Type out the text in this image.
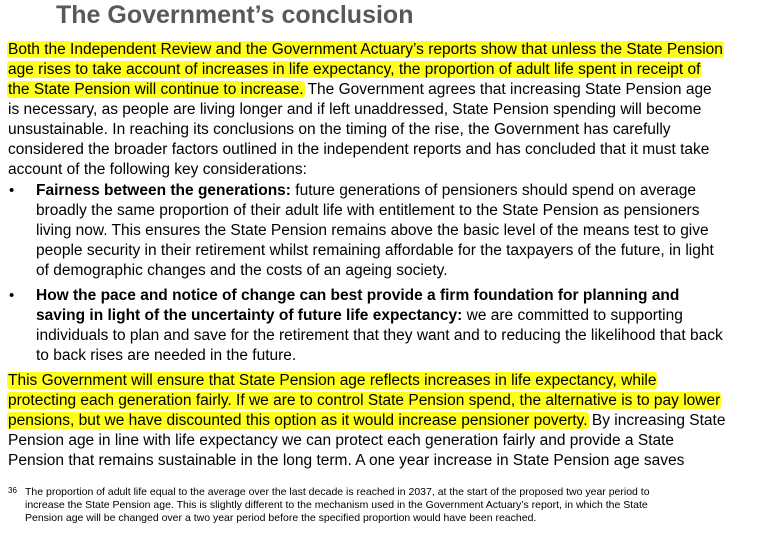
The Government’s conclusion
Both the Independent Review and the Government Actuary’s reports show that unless the State Pension
age rises to take account of increases in life expectancy, the proportion of adult life spent in receipt of
the State Pension will continue to increase. The Government agrees that increasing State Pension age
is necessary, as people are living longer and if left unaddressed, State Pension spending will become
unsustainable. In reaching its conclusions on the timing of the rise, the Government has carefully
considered the broader factors outlined in the independent reports and has concluded that it must take
account of the following key considerations:
• Fairness between the generations: future generations of pensioners should spend on average
broadly the same proportion of their adult life with entitlement to the State Pension as pensioners
living now. This ensures the State Pension remains above the basic level of the means test to give
people security in their retirement whilst remaining affordable for the taxpayers of the future, in light
of demographic changes and the costs of an ageing society.
• How the pace and notice of change can best provide a firm foundation for planning and
saving in light of the uncertainty of future life expectancy: we are committed to supporting
individuals to plan and save for the retirement that they want and to reducing the likelihood that back
to back rises are needed in the future.
This Government will ensure that State Pension age reflects increases in life expectancy, while
protecting each generation fairly. If we are to control State Pension spend, the alternative is to pay lower
pensions, but we have discounted this option as it would increase pensioner poverty. By increasing State
Pension age in line with life expectancy we can protect each generation fairly and provide a State
Pension that remains sustainable in the long term. A one year increase in State Pension age saves
36 The proportion of adult life equal to the average over the last decade is reached in 2037, at the start of the proposed two year period to
increase the State Pension age. This is slightly different to the mechanism used in the Government Actuary’s report, in which the State
Pension age will be changed over a two year period before the specified proportion would have been reached.
